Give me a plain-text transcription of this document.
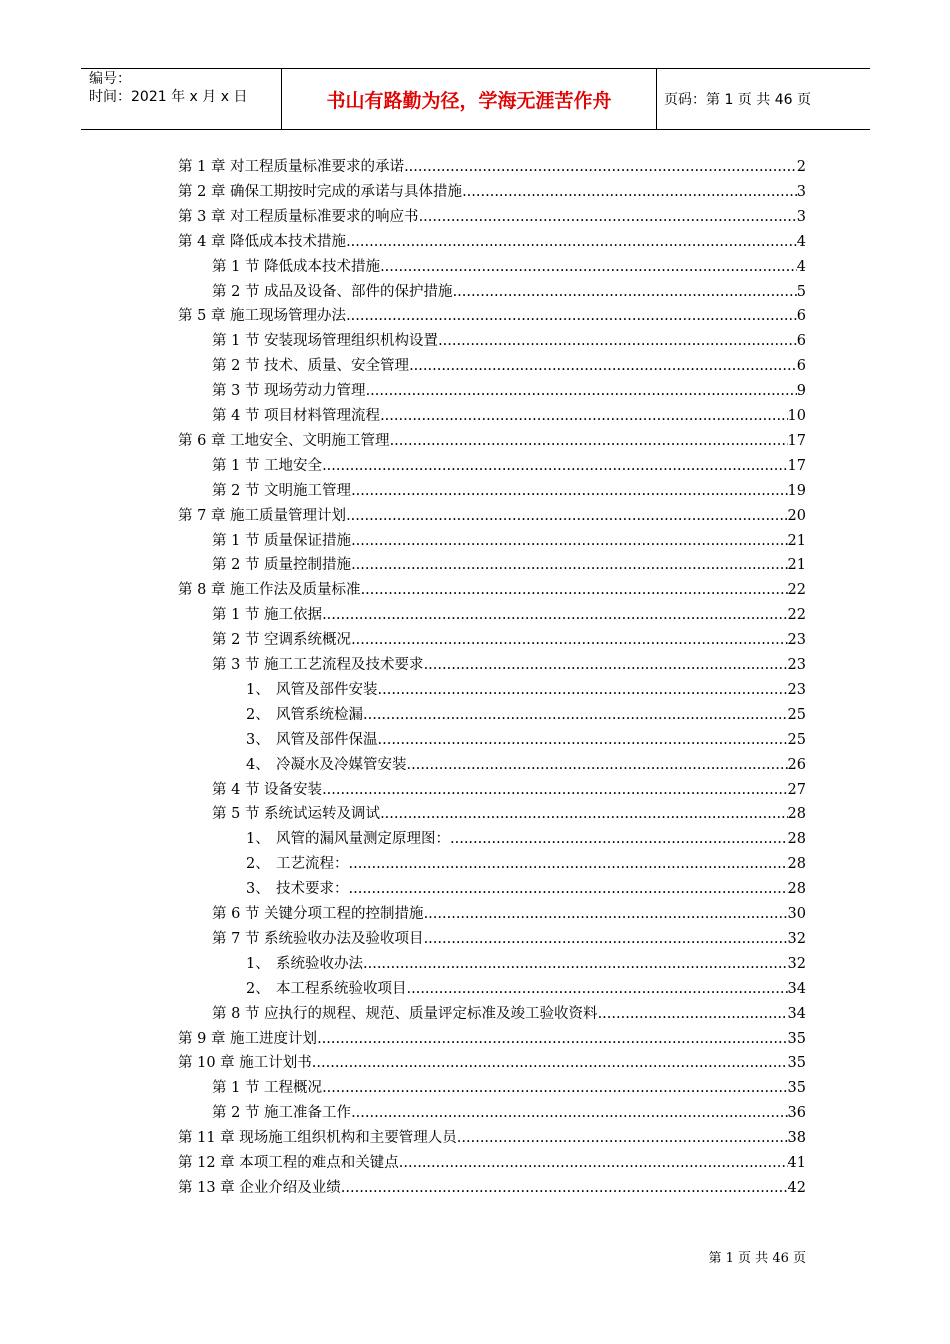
编号：
时间：2021 年 x 月 x 日	书山有路勤为径，学海无涯苦作舟	页码：第 1 页 共 46 页
第 1 章 对工程质量标准要求的承诺 .....	2
第 2 章 确保工期按时完成的承诺与具体措施 .....	3
第 3 章 对工程质量标准要求的响应书 .....	3
第 4 章 降低成本技术措施 .....	4
第 1 节 降低成本技术措施 .....	4
第 2 节 成品及设备、部件的保护措施 .....	5
第 5 章 施工现场管理办法 .....	6
第 1 节 安装现场管理组织机构设置 .....	6
第 2 节 技术、质量、安全管理 .....	6
第 3 节 现场劳动力管理 .....	9
第 4 节 项目材料管理流程 .....	10
第 6 章 工地安全、文明施工管理 .....	17
第 1 节 工地安全 .....	17
第 2 节 文明施工管理 .....	19
第 7 章 施工质量管理计划 .....	20
第 1 节 质量保证措施 .....	21
第 2 节 质量控制措施 .....	21
第 8 章 施工作法及质量标准 .....	22
第 1 节 施工依据 .....	22
第 2 节 空调系统概况 .....	23
第 3 节 施工工艺流程及技术要求 .....	23
1、 风管及部件安装 .....	23
2、 风管系统检漏 .....	25
3、 风管及部件保温 .....	25
4、 冷凝水及冷媒管安装 .....	26
第 4 节 设备安装 .....	27
第 5 节 系统试运转及调试 .....	28
1、 风管的漏风量测定原理图： .....	28
2、 工艺流程： .....	28
3、 技术要求： .....	28
第 6 节 关键分项工程的控制措施 .....	30
第 7 节 系统验收办法及验收项目 .....	32
1、 系统验收办法 .....	32
2、 本工程系统验收项目 .....	34
第 8 节 应执行的规程、规范、质量评定标准及竣工验收资料 .....	34
第 9 章 施工进度计划 .....	35
第 10 章 施工计划书 .....	35
第 1 节 工程概况 .....	35
第 2 节 施工准备工作 .....	36
第 11 章 现场施工组织机构和主要管理人员 .....	38
第 12 章 本项工程的难点和关键点 .....	41
第 13 章 企业介绍及业绩 .....	42
第 1 页 共 46 页
